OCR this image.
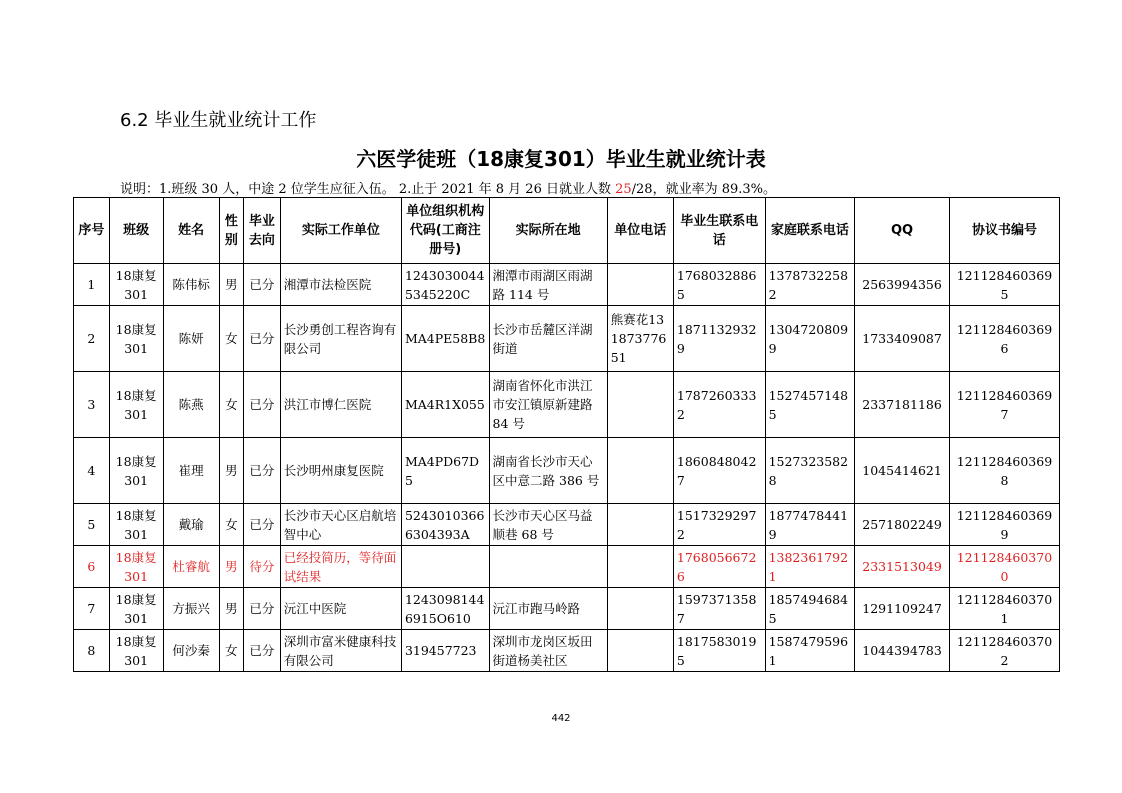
6.2 毕业生就业统计工作
六医学徒班（18康复301）毕业生就业统计表
说明：1.班级 30 人，中途 2 位学生应征入伍。 2.止于 2021 年 8 月 26 日就业人数 25/28，就业率为 89.3%。
序号	班级	姓名	性别	毕业去向	实际工作单位	单位组织机构代码(工商注册号)	实际所在地	单位电话	毕业生联系电话	家庭联系电话	QQ	协议书编号
1	18康复301	陈伟标	男	已分	湘潭市法检医院	12430300445345220C	湘潭市雨湖区雨湖路 114 号		17680328865	13787322582	2563994356	1211284603695
2	18康复301	陈妍	女	已分	长沙勇创工程咨询有限公司	MA4PE58B8	长沙市岳麓区洋湖街道	熊赛花13187377651	18711329329	13047208099	1733409087	1211284603696
3	18康复301	陈燕	女	已分	洪江市博仁医院	MA4R1X055	湖南省怀化市洪江市安江镇原新建路 84 号		17872603332	15274571485	2337181186	1211284603697
4	18康复301	崔理	男	已分	长沙明州康复医院	MA4PD67D5	湖南省长沙市天心区中意二路 386 号		18608480427	15273235828	1045414621	1211284603698
5	18康复301	戴瑜	女	已分	长沙市天心区启航培智中心	52430103666304393A	长沙市天心区马益顺巷 68 号		15173292972	18774784419	2571802249	1211284603699
6	18康复301	杜睿航	男	待分	已经投简历，等待面试结果				17680566726	13823617921	2331513049	1211284603700
7	18康复301	方振兴	男	已分	沅江中医院	12430981446915O610	沅江市跑马岭路		15973713587	18574946845	1291109247	1211284603701
8	18康复301	何沙秦	女	已分	深圳市富米健康科技有限公司	319457723	深圳市龙岗区坂田街道杨美社区		18175830195	15874795961	1044394783	1211284603702
442
